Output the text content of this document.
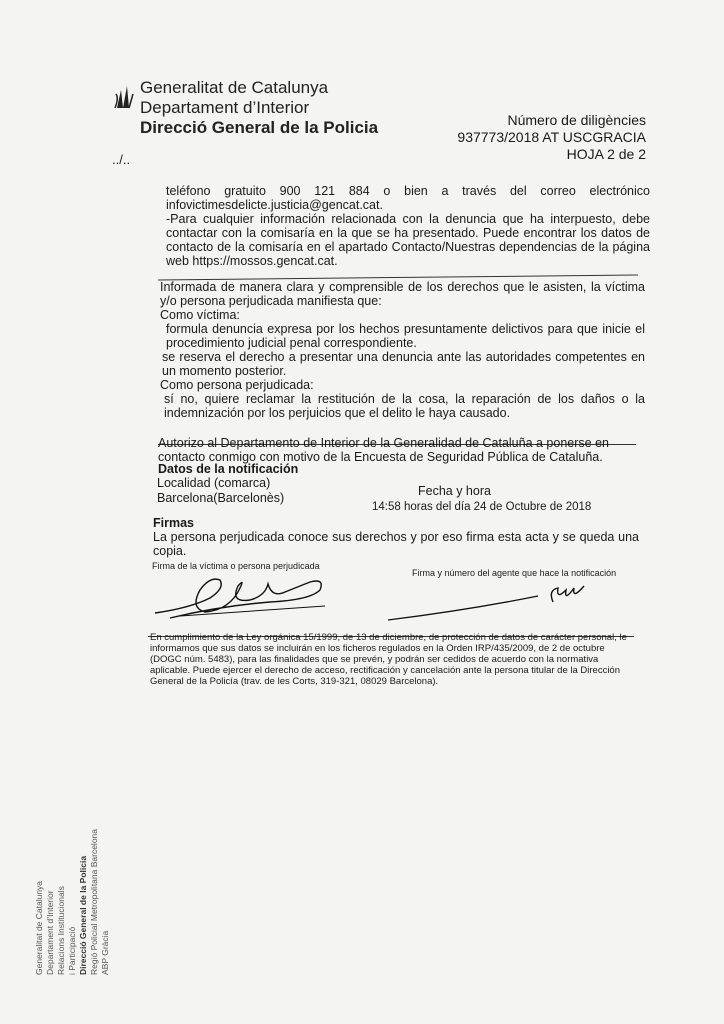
Generalitat de Catalunya
Departament d’Interior
Direcció General de la Policia	Número de diligències
937773/2018 AT USCGRACIA
HOJA 2 de 2
../..
teléfono gratuito 900 121 884 o bien a través del correo electrónico
infovictimesdelicte.justicia@gencat.cat.
-Para cualquier información relacionada con la denuncia que ha interpuesto, debe contactar con la comisaría en la que se ha presentado. Puede encontrar los datos de contacto de la comisaría en el apartado Contacto/Nuestras dependencias de la página web https://mossos.gencat.cat.
Informada de manera clara y comprensible de los derechos que le asisten, la víctima y/o persona perjudicada manifiesta que:
Como víctima:
formula denuncia expresa por los hechos presuntamente delictivos para que inicie el procedimiento judicial penal correspondiente.
se reserva el derecho a presentar una denuncia ante las autoridades competentes en un momento posterior.
Como persona perjudicada:
sí no, quiere reclamar la restitución de la cosa, la reparación de los daños o la indemnización por los perjuicios que el delito le haya causado.
Autorizo al Departamento de Interior de la Generalidad de Cataluña a ponerse en contacto conmigo con motivo de la Encuesta de Seguridad Pública de Cataluña.
Datos de la notificación
Localidad (comarca)
Barcelona(Barcelonès)	Fecha y hora
14:58 horas del día 24 de Octubre de 2018
Firmas
La persona perjudicada conoce sus derechos y por eso firma esta acta y se queda una copia.
Firma de la víctima o persona perjudicada
Firma y número del agente que hace la notificación
En cumplimiento de la Ley orgánica 15/1999, de 13 de diciembre, de protección de datos de carácter personal, le informamos que sus datos se incluirán en los ficheros regulados en la Orden IRP/435/2009, de 2 de octubre (DOGC núm. 5483), para las finalidades que se prevén, y podrán ser cedidos de acuerdo con la normativa aplicable. Puede ejercer el derecho de acceso, rectificación y cancelación ante la persona titular de la Dirección General de la Policía (trav. de les Corts, 319-321, 08029 Barcelona).
Generalitat de Catalunya Departament d’Interior Relacions Institucionals i Participació Direcció General de la Policia Regió Policial Metropolitana Barcelona ABP Gràcia
